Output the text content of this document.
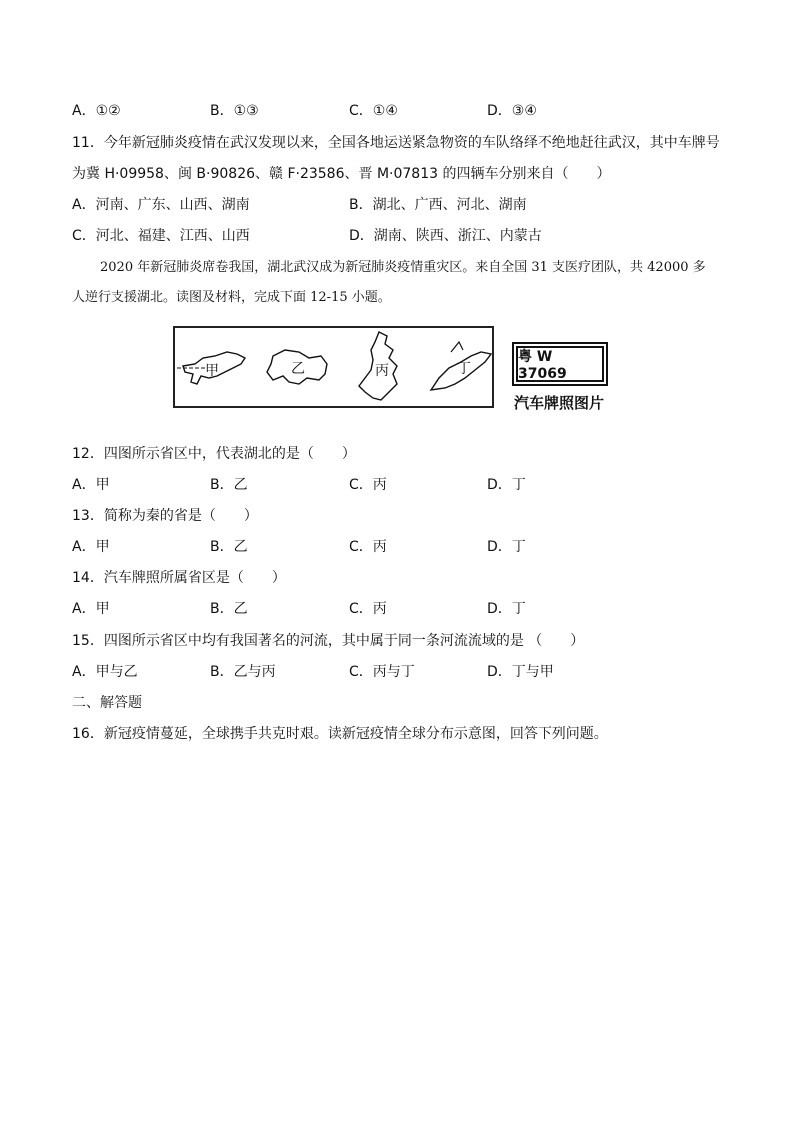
A．①②	B．①③	C．①④	D．③④
11．今年新冠肺炎疫情在武汉发现以来，全国各地运送紧急物资的车队络绎不绝地赶往武汉，其中车牌号
为冀 H·09958、闽 B·90826、赣 F·23586、晋 M·07813 的四辆车分别来自（　　）
A．河南、广东、山西、湖南	B．湖北、广西、河北、湖南
C．河北、福建、江西、山西	D．湖南、陕西、浙江、内蒙古
2020 年新冠肺炎席卷我国，湖北武汉成为新冠肺炎疫情重灾区。来自全国 31 支医疗团队，共 42000 多
人逆行支援湖北。读图及材料，完成下面 12-15 小题。
甲	乙	丙	丁
粤 W 37069
汽车牌照图片
12．四图所示省区中，代表湖北的是（　　）
A．甲	B．乙	C．丙	D．丁
13．简称为秦的省是（　　）
A．甲	B．乙	C．丙	D．丁
14．汽车牌照所属省区是（　　）
A．甲	B．乙	C．丙	D．丁
15．四图所示省区中均有我国著名的河流，其中属于同一条河流流域的是 （　　）
A．甲与乙	B．乙与丙	C．丙与丁	D．丁与甲
二、解答题
16．新冠疫情蔓延，全球携手共克时艰。读新冠疫情全球分布示意图，回答下列问题。
